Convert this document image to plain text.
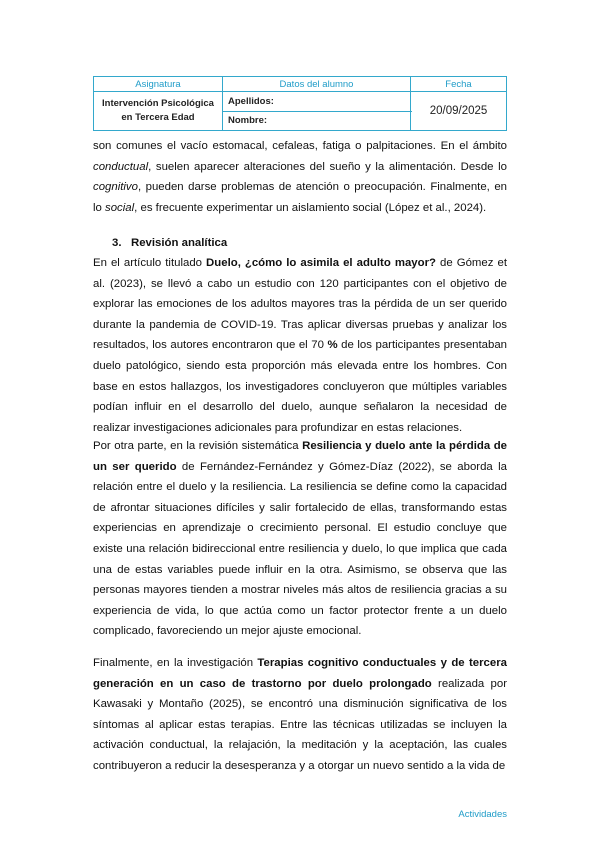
Asignatura	Datos del alumno	Fecha
Intervención Psicológica
en Tercera Edad	Apellidos:	20/09/2025
	Nombre:	

son comunes el vacío estomacal, cefaleas, fatiga o palpitaciones. En el ámbito conductual, suelen aparecer alteraciones del sueño y la alimentación. Desde lo cognitivo, pueden darse problemas de atención o preocupación. Finalmente, en lo social, es frecuente experimentar un aislamiento social (López et al., 2024).

3. Revisión analítica

En el artículo titulado Duelo, ¿cómo lo asimila el adulto mayor? de Gómez et al. (2023), se llevó a cabo un estudio con 120 participantes con el objetivo de explorar las emociones de los adultos mayores tras la pérdida de un ser querido durante la pandemia de COVID-19. Tras aplicar diversas pruebas y analizar los resultados, los autores encontraron que el 70 % de los participantes presentaban duelo patológico, siendo esta proporción más elevada entre los hombres. Con base en estos hallazgos, los investigadores concluyeron que múltiples variables podían influir en el desarrollo del duelo, aunque señalaron la necesidad de realizar investigaciones adicionales para profundizar en estas relaciones.

Por otra parte, en la revisión sistemática Resiliencia y duelo ante la pérdida de un ser querido de Fernández-Fernández y Gómez-Díaz (2022), se aborda la relación entre el duelo y la resiliencia. La resiliencia se define como la capacidad de afrontar situaciones difíciles y salir fortalecido de ellas, transformando estas experiencias en aprendizaje o crecimiento personal. El estudio concluye que existe una relación bidireccional entre resiliencia y duelo, lo que implica que cada una de estas variables puede influir en la otra. Asimismo, se observa que las personas mayores tienden a mostrar niveles más altos de resiliencia gracias a su experiencia de vida, lo que actúa como un factor protector frente a un duelo complicado, favoreciendo un mejor ajuste emocional.

Finalmente, en la investigación Terapias cognitivo conductuales y de tercera generación en un caso de trastorno por duelo prolongado realizada por Kawasaki y Montaño (2025), se encontró una disminución significativa de los síntomas al aplicar estas terapias. Entre las técnicas utilizadas se incluyen la activación conductual, la relajación, la meditación y la aceptación, las cuales contribuyeron a reducir la desesperanza y a otorgar un nuevo sentido a la vida de

Actividades
